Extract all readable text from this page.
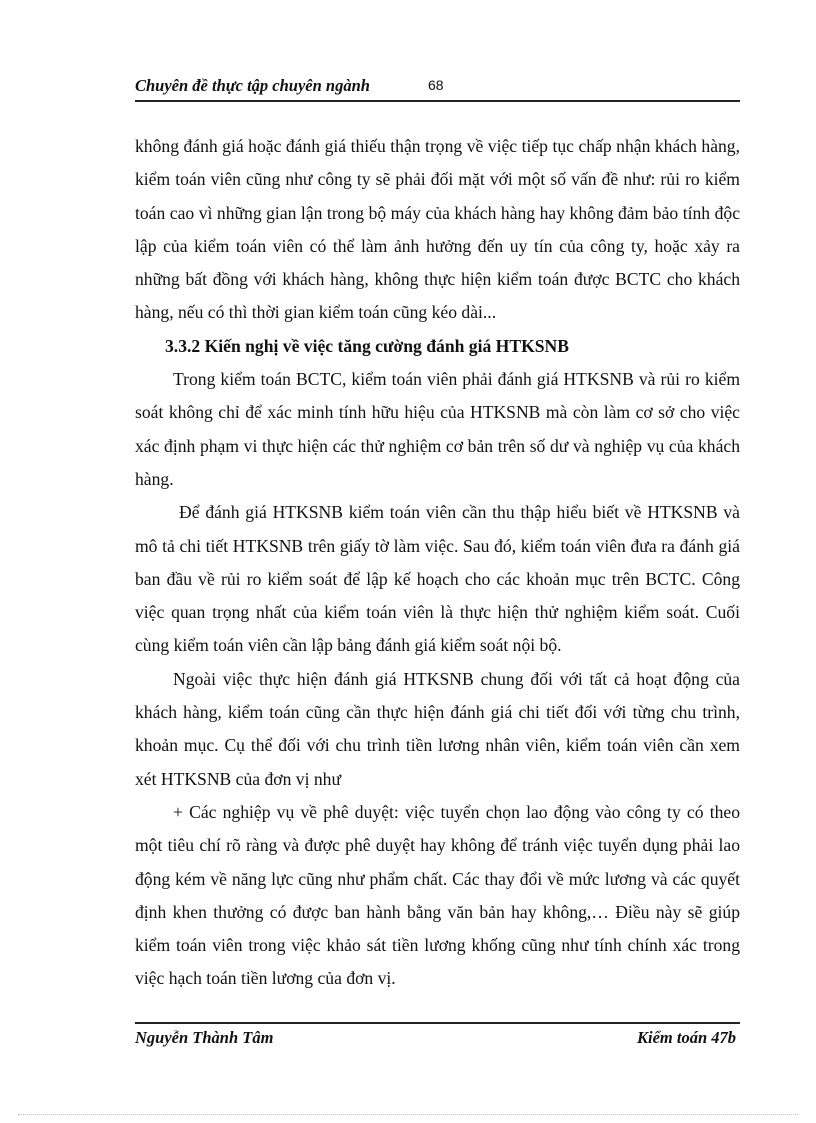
Chuyên đề thực tập chuyên ngành	68

không đánh giá hoặc đánh giá thiếu thận trọng về việc tiếp tục chấp nhận khách hàng, kiểm toán viên cũng như công ty sẽ phải đối mặt với một số vấn đề như: rủi ro kiểm toán cao vì những gian lận trong bộ máy của khách hàng hay không đảm bảo tính độc lập của kiểm toán viên có thể làm ảnh hưởng đến uy tín của công ty, hoặc xảy ra những bất đồng với khách hàng, không thực hiện kiểm toán được BCTC cho khách hàng, nếu có thì thời gian kiểm toán cũng kéo dài...

3.3.2 Kiến nghị về việc tăng cường đánh giá HTKSNB

Trong kiểm toán BCTC, kiểm toán viên phải đánh giá HTKSNB và rủi ro kiểm soát không chỉ để xác minh tính hữu hiệu của HTKSNB mà còn làm cơ sở cho việc xác định phạm vi thực hiện các thử nghiệm cơ bản trên số dư và nghiệp vụ của khách hàng.

Để đánh giá HTKSNB kiểm toán viên cần thu thập hiểu biết về HTKSNB và mô tả chi tiết HTKSNB trên giấy tờ làm việc. Sau đó, kiểm toán viên đưa ra đánh giá ban đầu về rủi ro kiểm soát để lập kế hoạch cho các khoản mục trên BCTC. Công việc quan trọng nhất của kiểm toán viên là thực hiện thử nghiệm kiểm soát. Cuối cùng kiểm toán viên cần lập bảng đánh giá kiểm soát nội bộ.

Ngoài việc thực hiện đánh giá HTKSNB chung đối với tất cả hoạt động của khách hàng, kiểm toán cũng cần thực hiện đánh giá chi tiết đối với từng chu trình, khoản mục. Cụ thể đối với chu trình tiền lương nhân viên, kiểm toán viên cần xem xét HTKSNB của đơn vị như

+ Các nghiệp vụ về phê duyệt: việc tuyển chọn lao động vào công ty có theo một tiêu chí rõ ràng và được phê duyệt hay không để tránh việc tuyển dụng phải lao động kém về năng lực cũng như phẩm chất. Các thay đổi về mức lương và các quyết định khen thưởng có được ban hành bằng văn bản hay không,… Điều này sẽ giúp kiểm toán viên trong việc khảo sát tiền lương khống cũng như tính chính xác trong việc hạch toán tiền lương của đơn vị.

Nguyễn Thành Tâm	Kiểm toán 47b
